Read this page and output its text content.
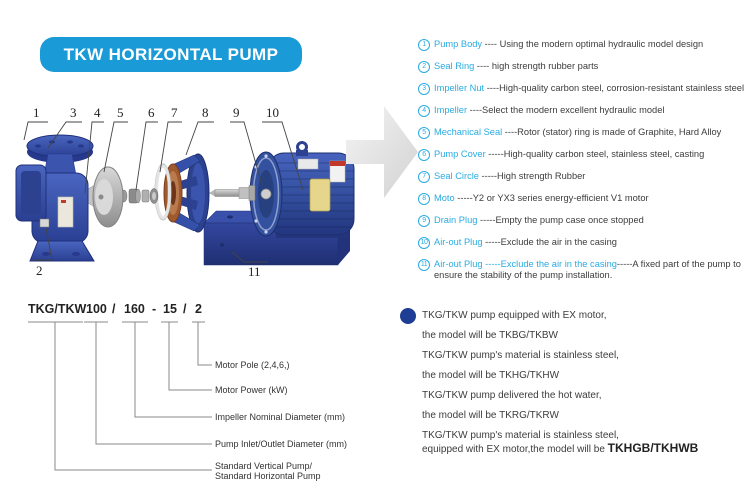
TKW HORIZONTAL PUMP
1 3 4 5 6 7 8 9 10
2	11
1 Pump Body ---- Using the modern optimal hydraulic model design
2 Seal Ring ---- high strength rubber parts
3 Impeller Nut ----High-quality carbon steel, corrosion-resistant stainless steel
4 Impeller ----Select the modern excellent hydraulic model
5 Mechanical Seal ----Rotor (stator) ring is made of Graphite, Hard Alloy
6 Pump Cover -----High-quality carbon steel, stainless steel, casting
7 Seal Circle -----High strength Rubber
8 Moto -----Y2 or YX3 series energy-efficient V1 motor
9 Drain Plug -----Empty the pump case once stopped
10 Air-out Plug -----Exclude the air in the casing
11 Air-out Plug -----Exclude the air in the casing-----A fixed part of the pump to ensure the stability of the pump installation.
TKG/TKW 100 / 160 - 15 / 2
Motor Pole (2,4,6,)
Motor Power (kW)
Impeller Nominal Diameter (mm)
Pump Inlet/Outlet Diameter (mm)
Standard Vertical Pump/
Standard Horizontal Pump
TKG/TKW pump equipped with EX motor,
the model will be TKBG/TKBW
TKG/TKW pump's material is stainless steel,
the model will be TKHG/TKHW
TKG/TKW pump delivered the hot water,
the model will be TKRG/TKRW
TKG/TKW pump's material is stainless steel,
equipped with EX motor,the model will be TKHGB/TKHWB
